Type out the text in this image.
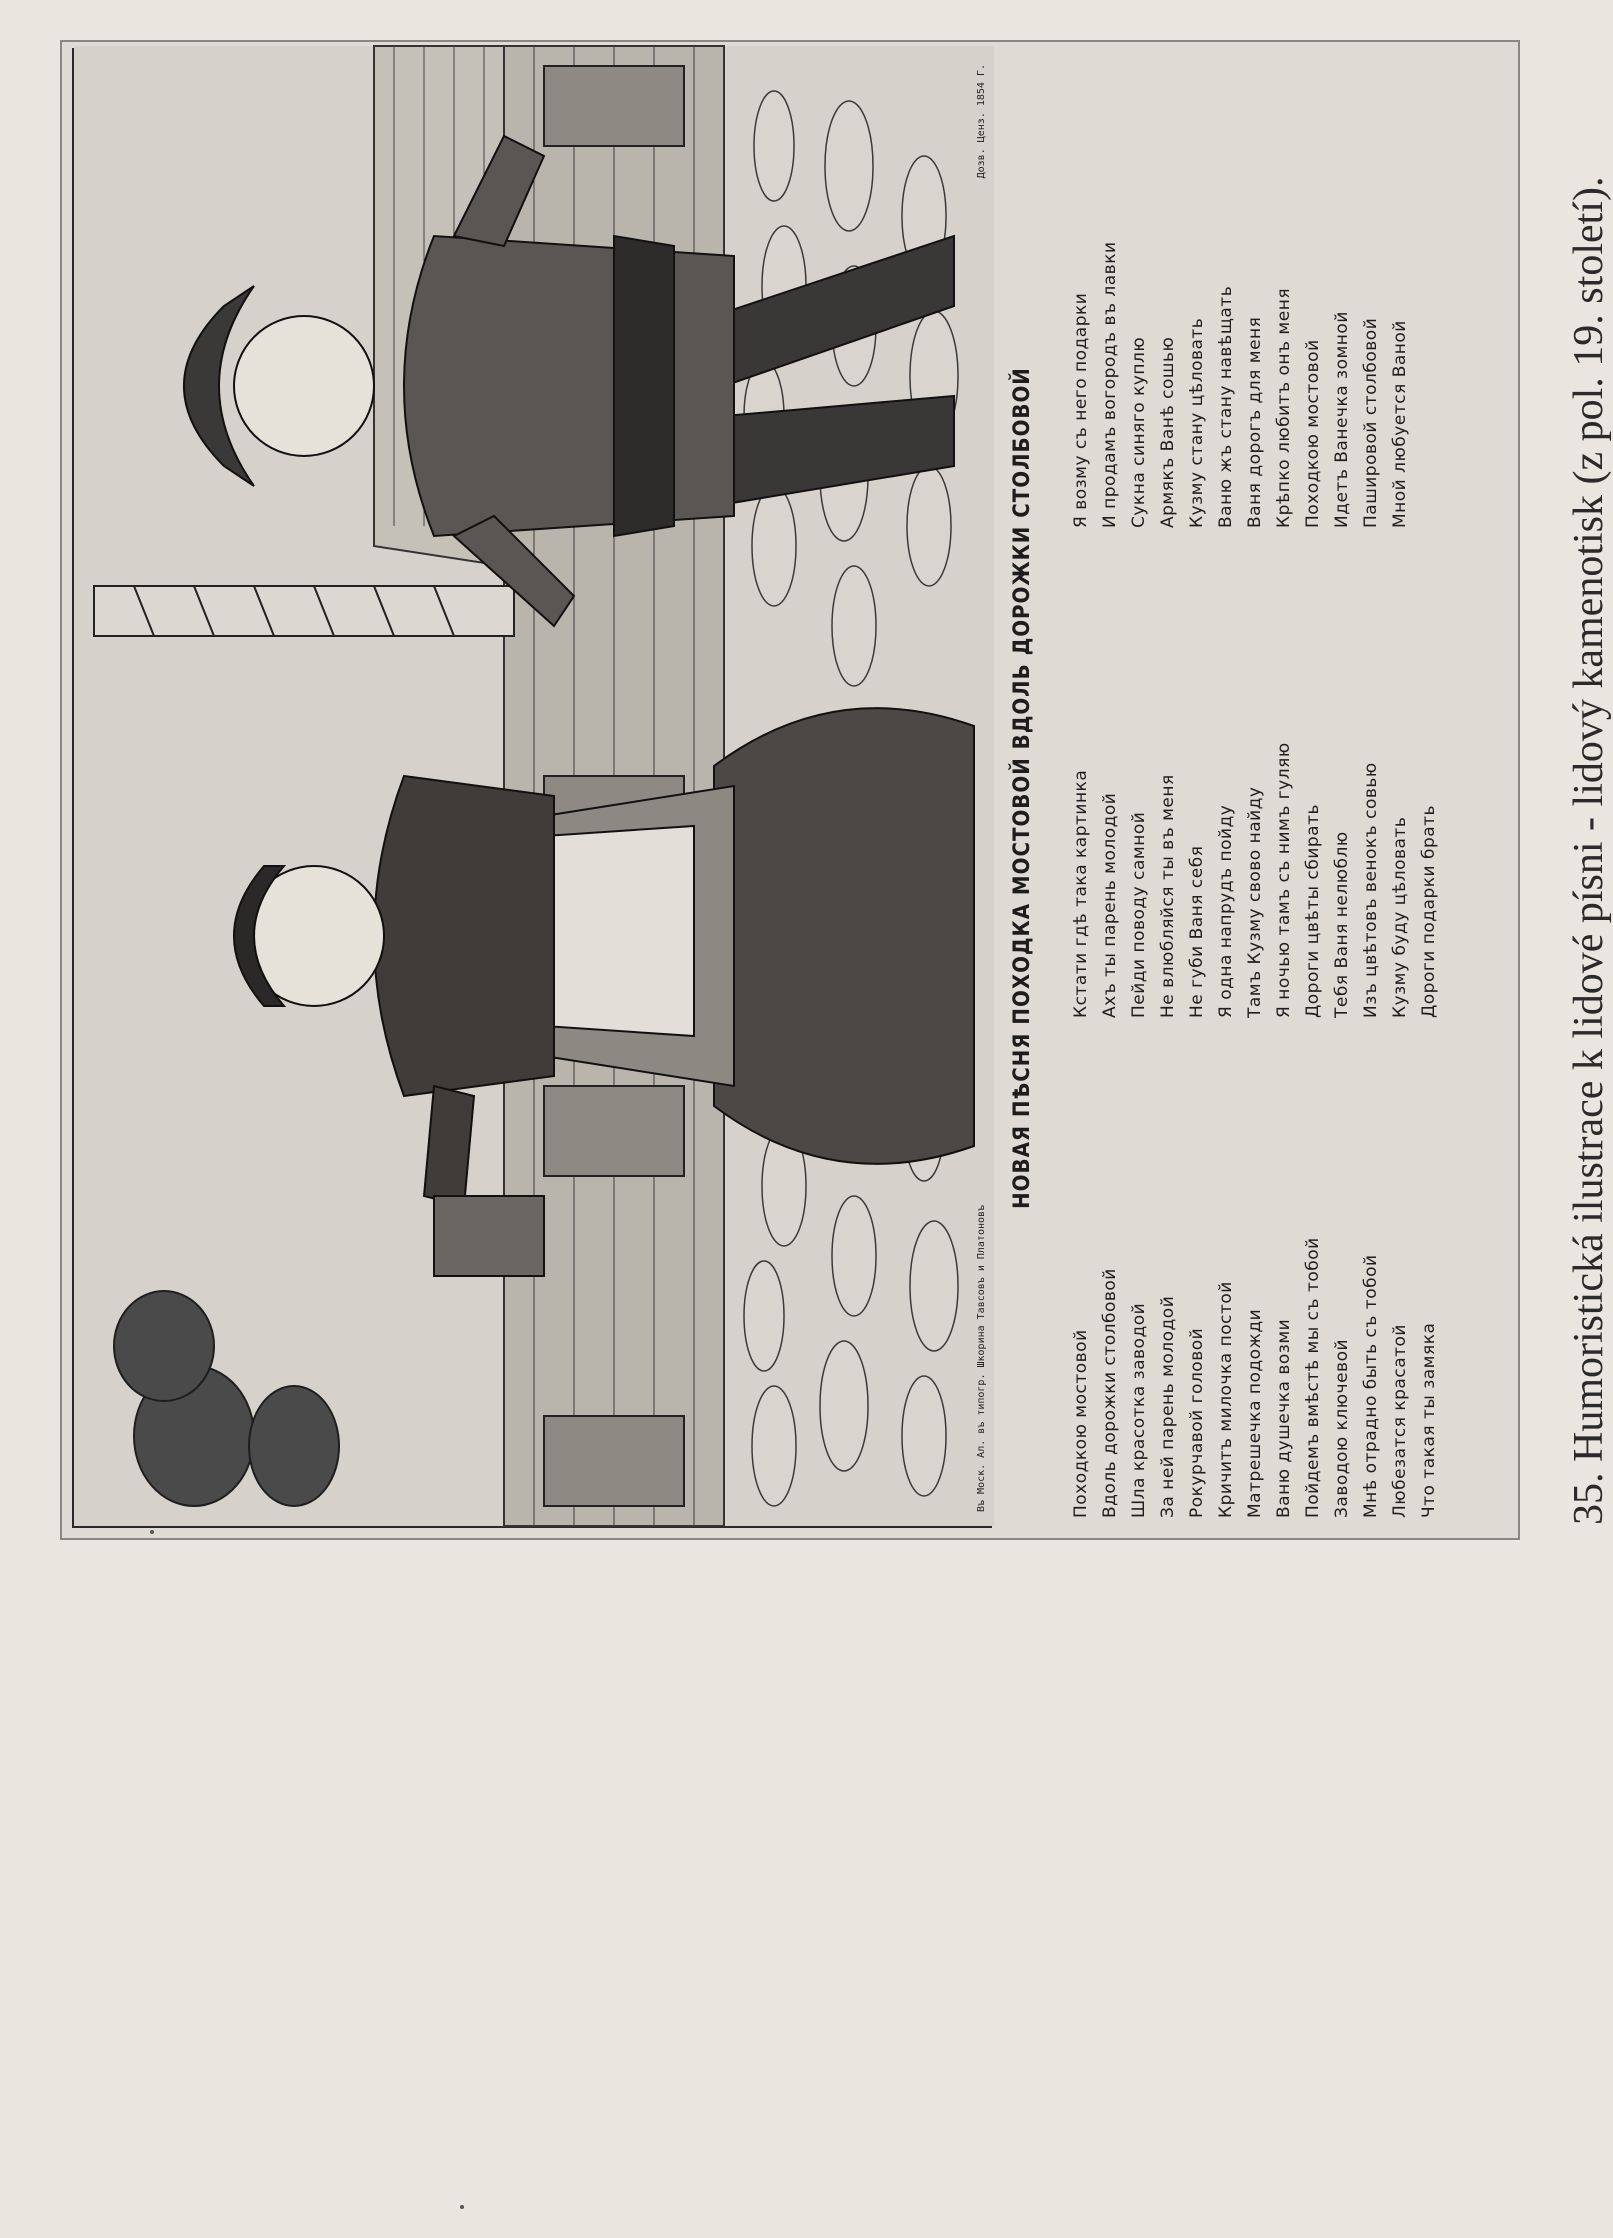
Въ Моск. Ал. въ типогр. Шкорина Тавсовъ и Платоновъ
Дозв. Ценз. 1854 Г.
НОВАЯ ПѢСНЯ ПОХОДКА МОСТОВОЙ ВДОЛЬ ДОРОЖКИ СТОЛБОВОЙ
Походкою мостовой Вдоль дорожки столбовой Шла красотка заводой За ней парень молодой Рокурчавой головой Кричитъ милочка постой Матрешечка подожди Ваню душечка возми Пойдемъ вмѣстѣ мы съ тобой Заводою ключевой Мнѣ отрадно быть съ тобой Любезатся красатой Что такая ты замяка
Кстати гдѣ така картинка Ахъ ты парень молодой Пейди поводу самной Не влюбляйся ты въ меня Не губи Ваня себя Я одна напрудъ пойду Тамъ Кузму свово найду Я ночью тамъ съ нимъ гуляю Дороги цвѣты сбирать Тебя Ваня нелюблю Изъ цвѣтовъ венокъ совью Кузму буду цѣловать Дороги подарки брать
Я возму съ него подарки И продамъ вогородъ въ лавки Сукна синяго куплю Армякъ Ванѣ сошью Кузму стану цѣловать Ваню жъ стану навѣщать Ваня дорогъ для меня Крѣпко любитъ онъ меня Походкою мостовой Идетъ Ванечка зомной Пашировой столбовой Мной любуется Ваной	35. Humoristická ilustrace k lidové písni - lidový kamenotisk (z pol. 19. století).
